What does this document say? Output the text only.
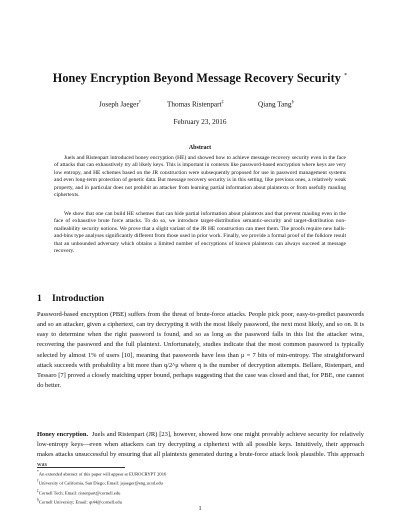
Honey Encryption Beyond Message Recovery Security *
Joseph Jaeger†	Thomas Ristenpart‡	Qiang Tang§
February 23, 2016
Abstract

Juels and Ristenpart introduced honey encryption (HE) and showed how to achieve message recovery security even in the face of attacks that can exhaustively try all likely keys. This is important in contexts like password-based encryption where keys are very low entropy, and HE schemes based on the JR construction were subsequently proposed for use in password management systems and even long-term protection of genetic data. But message recovery security is in this setting, like previous ones, a relatively weak property, and in particular does not prohibit an attacker from learning partial information about plaintexts or from usefully mauling ciphertexts.

We show that one can build HE schemes that can hide partial information about plaintexts and that prevent mauling even in the face of exhaustive brute force attacks. To do so, we introduce target-distribution semantic-security and target-distribution non-malleability security notions. We prove that a slight variant of the JR HE construction can meet them. The proofs require new balls-and-bins type analyses significantly different from those used in prior work. Finally, we provide a formal proof of the folklore result that an unbounded adversary which obtains a limited number of encryptions of known plaintexts can always succeed at message recovery.

1 Introduction

Password-based encryption (PBE) suffers from the threat of brute-force attacks. People pick poor, easy-to-predict passwords and so an attacker, given a ciphertext, can try decrypting it with the most likely password, the next most likely, and so on. It is easy to determine when the right password is found, and so as long as the password falls in this list the attacker wins, recovering the password and the full plaintext. Unfortunately, studies indicate that the most common password is typically selected by almost 1% of users [10], meaning that passwords have less than μ = 7 bits of min-entropy. The straightforward attack succeeds with probability a bit more than q/2^μ where q is the number of decryption attempts. Bellare, Ristenpart, and Tessaro [7] proved a closely matching upper bound, perhaps suggesting that the case was closed and that, for PBE, one cannot do better.

Honey encryption. Juels and Ristenpart (JR) [23], however, showed how one might provably achieve security for relatively low-entropy keys—even when attackers can try decrypting a ciphertext with all possible keys. Intuitively, their approach makes attacks unsuccessful by ensuring that all plaintexts generated during a brute-force attack look plausible. This approach was

*An extended abstract of this paper will appear at EUROCRYPT 2016
†University of California, San Diego; Email: jsjaeger@eng.ucsd.edu
‡Cornell Tech; Email: ristenpart@cornell.edu
§Cornell University; Email: qt44@cornell.edu
1
